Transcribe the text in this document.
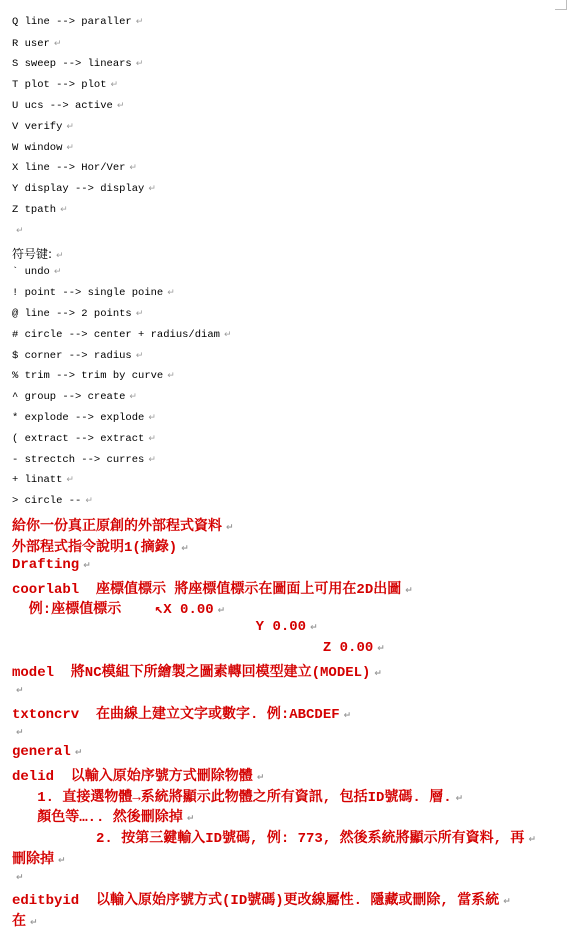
Q line --> paraller ↵
R user ↵
S sweep --> linears ↵
T plot --> plot ↵
U ucs --> active ↵
V verify ↵
W window ↵
X line --> Hor/Ver ↵
Y display --> display ↵
Z tpath ↵
↵
符号键: ↵
` undo ↵
! point --> single poine ↵
@ line --> 2 points ↵
# circle --> center + radius/diam ↵
$ corner --> radius ↵
% trim --> trim by curve ↵
^ group --> create ↵
* explode --> explode ↵
( extract --> extract ↵
- strectch --> curres ↵
+ linatt ↵
> circle -- ↵
給你一份真正原創的外部程式資料 ↵
外部程式指令說明1(摘錄) ↵
Drafting ↵
coorlabl  座標值標示 將座標值標示在圖面上可用在2D出圖 ↵
例:座標值標示    ↖X 0.00 ↵
Y 0.00 ↵
Z 0.00 ↵
model  將NC模組下所繪製之圖素轉回模型建立(MODEL) ↵
↵
txtoncrv  在曲線上建立文字或數字. 例:ABCDEF ↵
↵
general ↵
delid  以輸入原始序號方式刪除物體 ↵
1. 直接選物體→系統將顯示此物體之所有資訊, 包括ID號碼. 層. ↵
顏色等….. 然後刪除掉 ↵
2. 按第三鍵輸入ID號碼, 例: 773, 然後系統將顯示所有資料, 再 ↵
刪除掉 ↵
↵
editbyid  以輸入原始序號方式(ID號碼)更改線屬性. 隱藏或刪除, 當系統 ↵
在 ↵
